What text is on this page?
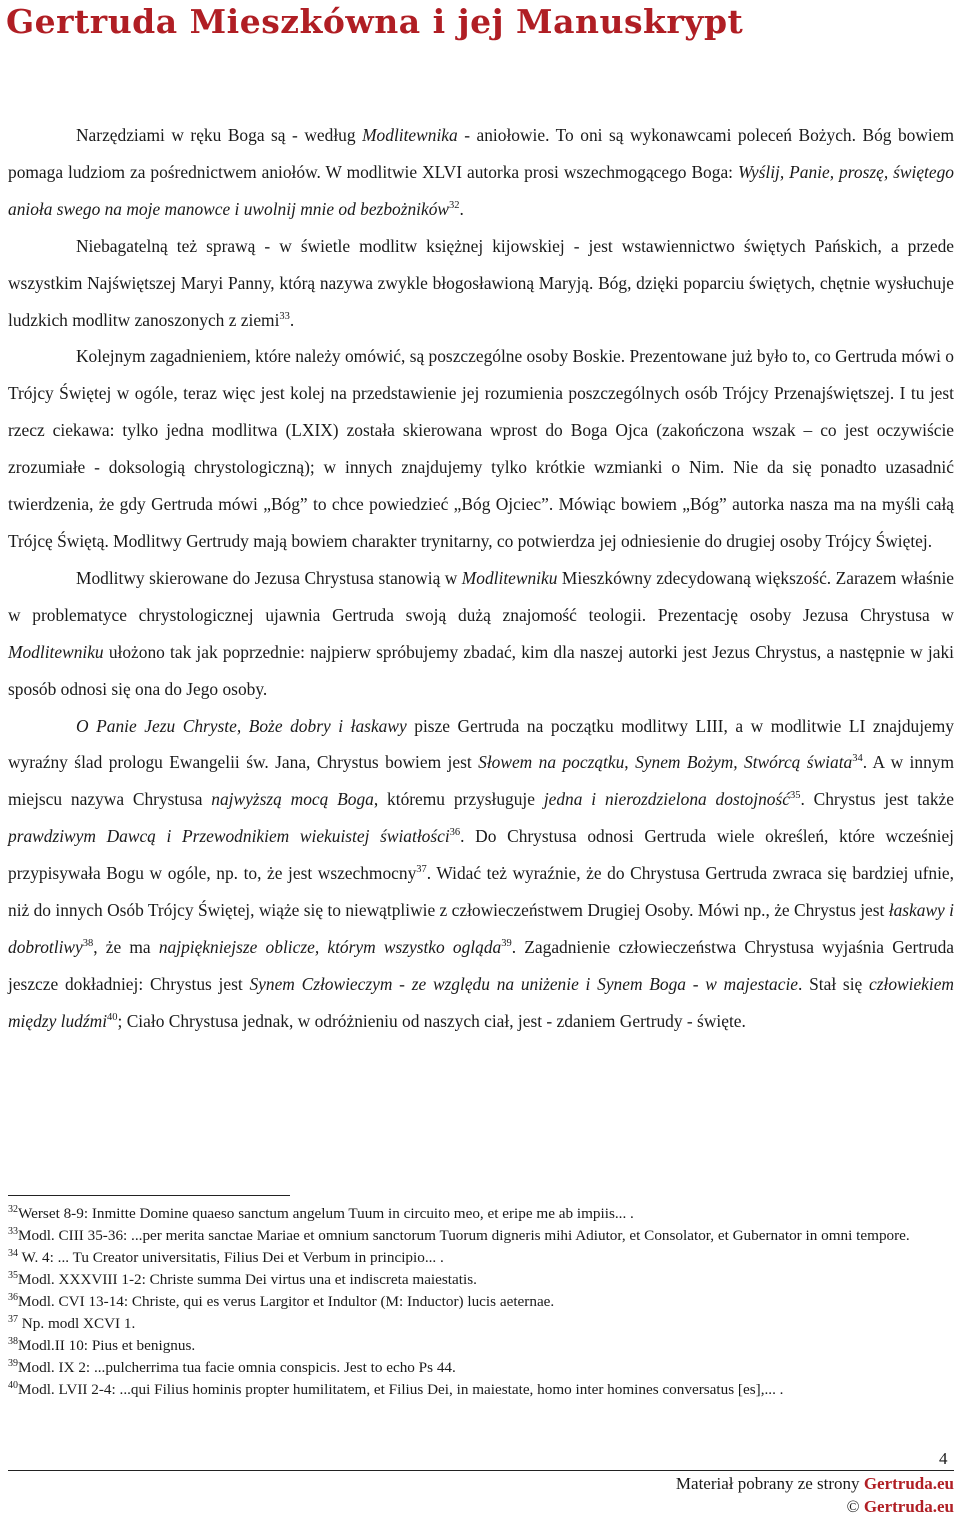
Gertruda Mieszkówna i jej Manuskrypt

Narzędziami w ręku Boga są - według Modlitewnika - aniołowie. To oni są wykonawcami poleceń Bożych. Bóg bowiem pomaga ludziom za pośrednictwem aniołów. W modlitwie XLVI autorka prosi wszechmogącego Boga: Wyślij, Panie, proszę, świętego anioła swego na moje manowce i uwolnij mnie od bezbożników$^{32}$.

Niebagatelną też sprawą - w świetle modlitw księżnej kijowskiej - jest wstawiennictwo świętych Pańskich, a przede wszystkim Najświętszej Maryi Panny, którą nazywa zwykle błogosławioną Maryją. Bóg, dzięki poparciu świętych, chętnie wysłuchuje ludzkich modlitw zanoszonych z ziemi$^{33}$.

Kolejnym zagadnieniem, które należy omówić, są poszczególne osoby Boskie. Prezentowane już było to, co Gertruda mówi o Trójcy Świętej w ogóle, teraz więc jest kolej na przedstawienie jej rozumienia poszczególnych osób Trójcy Przenajświętszej. I tu jest rzecz ciekawa: tylko jedna modlitwa (LXIX) została skierowana wprost do Boga Ojca (zakończona wszak – co jest oczywiście zrozumiałe - doksologią chrystologiczną); w innych znajdujemy tylko krótkie wzmianki o Nim. Nie da się ponadto uzasadnić twierdzenia, że gdy Gertruda mówi „Bóg” to chce powiedzieć „Bóg Ojciec”. Mówiąc bowiem „Bóg” autorka nasza ma na myśli całą Trójcę Świętą. Modlitwy Gertrudy mają bowiem charakter trynitarny, co potwierdza jej odniesienie do drugiej osoby Trójcy Świętej.

Modlitwy skierowane do Jezusa Chrystusa stanowią w Modlitewniku Mieszkówny zdecydowaną większość. Zarazem właśnie w problematyce chrystologicznej ujawnia Gertruda swoją dużą znajomość teologii. Prezentację osoby Jezusa Chrystusa w Modlitewniku ułożono tak jak poprzednie: najpierw spróbujemy zbadać, kim dla naszej autorki jest Jezus Chrystus, a następnie w jaki sposób odnosi się ona do Jego osoby.

O Panie Jezu Chryste, Boże dobry i łaskawy pisze Gertruda na początku modlitwy LIII, a w modlitwie LI znajdujemy wyraźny ślad prologu Ewangelii św. Jana, Chrystus bowiem jest Słowem na początku, Synem Bożym, Stwórcą świata$^{34}$. A w innym miejscu nazywa Chrystusa najwyższą mocą Boga, któremu przysługuje jedna i nierozdzielona dostojność$^{35}$. Chrystus jest także prawdziwym Dawcą i Przewodnikiem wiekuistej światłości$^{36}$. Do Chrystusa odnosi Gertruda wiele określeń, które wcześniej przypisywała Bogu w ogóle, np. to, że jest wszechmocny$^{37}$. Widać też wyraźnie, że do Chrystusa Gertruda zwraca się bardziej ufnie, niż do innych Osób Trójcy Świętej, wiąże się to niewątpliwie z człowieczeństwem Drugiej Osoby. Mówi np., że Chrystus jest łaskawy i dobrotliwy$^{38}$, że ma najpiękniejsze oblicze, którym wszystko ogląda$^{39}$. Zagadnienie człowieczeństwa Chrystusa wyjaśnia Gertruda jeszcze dokładniej: Chrystus jest Synem Człowieczym - ze względu na uniżenie i Synem Boga - w majestacie. Stał się człowiekiem między ludźmi$^{40}$; Ciało Chrystusa jednak, w odróżnieniu od naszych ciał, jest - zdaniem Gertrudy - święte.

$^{32}$Werset 8-9: Inmitte Domine quaeso sanctum angelum Tuum in circuito meo, et eripe me ab impiis... .
$^{33}$Modl. CIII 35-36: ...per merita sanctae Mariae et omnium sanctorum Tuorum digneris mihi Adiutor, et Consolator, et Gubernator in omni tempore.
$^{34}$ W. 4: ... Tu Creator universitatis, Filius Dei et Verbum in principio... .
$^{35}$Modl. XXXVIII 1-2: Christe summa Dei virtus una et indiscreta maiestatis.
$^{36}$Modl. CVI 13-14: Christe, qui es verus Largitor et Indultor (M: Inductor) lucis aeternae.
$^{37}$ Np. modl XCVI 1.
$^{38}$Modl.II 10: Pius et benignus.
$^{39}$Modl. IX 2: ...pulcherrima tua facie omnia conspicis. Jest to echo Ps 44.
$^{40}$Modl. LVII 2-4: ...qui Filius hominis propter humilitatem, et Filius Dei, in maiestate, homo inter homines conversatus [es],... .
4
Materiał pobrany ze strony Gertruda.eu
© Gertruda.eu
